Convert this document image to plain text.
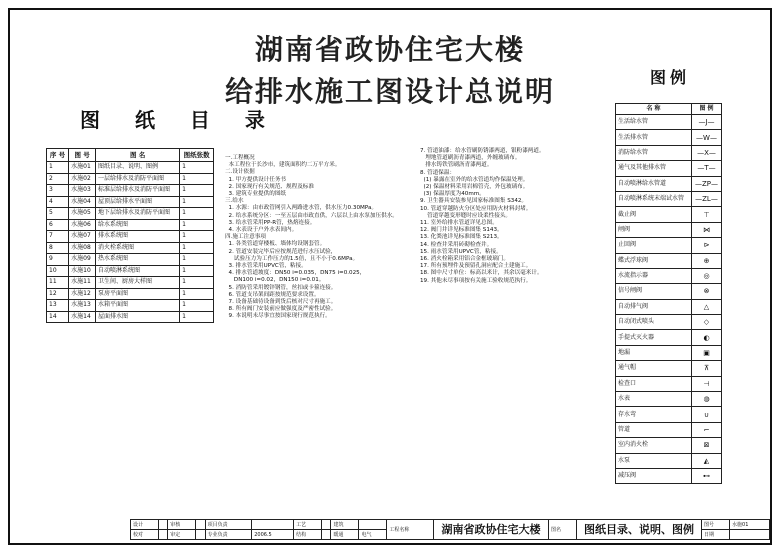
湖南省政协住宅大楼
给排水施工图设计总说明
图 纸 目 录
序 号	图 号	图 名	图纸张数
1	水施01	图纸目录、说明、图例	1
2	水施02	一层给排水及消防平面图	1
3	水施03	标准层给排水及消防平面图	1
4	水施04	屋顶层给排水平面图	1
5	水施05	地下层给排水及消防平面图	1
6	水施06	给水系统图	1
7	水施07	排水系统图	1
8	水施08	消火栓系统图	1
9	水施09	热水系统图	1
10	水施10	自动喷淋系统图	1
11	水施11	卫生间、厨房大样图	1
12	水施12	泵房平面图	1
13	水施13	水箱平面图	1
14	水施14	屋面排水图	1
图例
名 称	图 例
生活给水管	—J—
生活排水管	—W—
消防给水管	—X—
通气及其他排水管	—T—
自动喷淋给水管道	—ZP—
自动喷淋系统末端试水管	—ZL—
截止阀	⊤
闸阀	⋈
止回阀	⊳
蝶式浮球阀	⊕
水流指示器	◎
信号闸阀	⊗
自动排气阀	△
自动闭式喷头	◇
手提式灭火器	◐
地漏	▣
通气帽	⊼
检查口	⊣
水表	◍
存水弯	∪
管道	⌐
室内消火栓	⊠
水泵	◭
减压阀	⊷
一.工程概况
本工程位于长沙市，建筑面积约二万平方米。
二.设计依据
1. 甲方提供设计任务书
2. 国家现行有关规范、规程及标准
3. 建筑专业提供的图纸
三.给水
1. 水源：由市政管网引入两路进水管，供水压力0.30MPa。
2. 给水系统分区：一至五层由市政直供，六层以上由水泵加压供水。
3. 给水管采用PP-R管，热熔连接。
4. 水表设于户外水表间内。
四.施工注意事项
1. 各类管道穿楼板、墙体均设钢套管。
2. 管道安装完毕后应按规范进行水压试验，
试验压力为工作压力的1.5倍，且不小于0.6MPa。
3. 排水管采用UPVC管，粘接。
4. 排水管道坡度：DN50 i=0.035，DN75 i=0.025，
DN100 i=0.02，DN150 i=0.01。
5. 消防管采用镀锌钢管，丝扣或卡箍连接。
6. 管道支吊架间距按规范要求设置。
7. 设备基础待设备到货后核对尺寸再施工。
8. 所有阀门安装前应做强度及严密性试验。
9. 本说明未尽事宜按国家现行规范执行。
7. 管道油漆：给水管刷防锈漆两道，银粉漆两道。
埋地管道刷沥青漆两道，外缠玻璃布。
排水铸铁管刷沥青漆两道。
8. 管道保温：
(1) 暴露在室外的给水管道均作保温处理。
(2) 保温材料采用岩棉管壳，外包玻璃布。
(3) 保温厚度为40mm。
9. 卫生器具安装参见国家标准图集 S342。
10. 管道穿越防火分区处应用防火材料封堵。
管道穿越变形缝时应设柔性接头。
11. 室外给排水管道详见总图。
12. 阀门井详见标准图集 S143。
13. 化粪池详见标准图集 S213。
14. 检查井采用砖砌检查井。
15. 雨水管采用UPVC管，粘接。
16. 消火栓箱采用铝合金框玻璃门。
17. 所有预埋件及预留孔洞应配合土建施工。
18. 图中尺寸单位：标高以米计，其余以毫米计。
19. 其他未尽事项按有关施工验收规范执行。
设计		审核		项目负责		工艺		建筑		工程名称	湖南省政协住宅大楼	图名	图纸目录、说明、图例	图号	水施01
校对		审定		专业负责	2006.5	结构		暖通	电气					日期	
